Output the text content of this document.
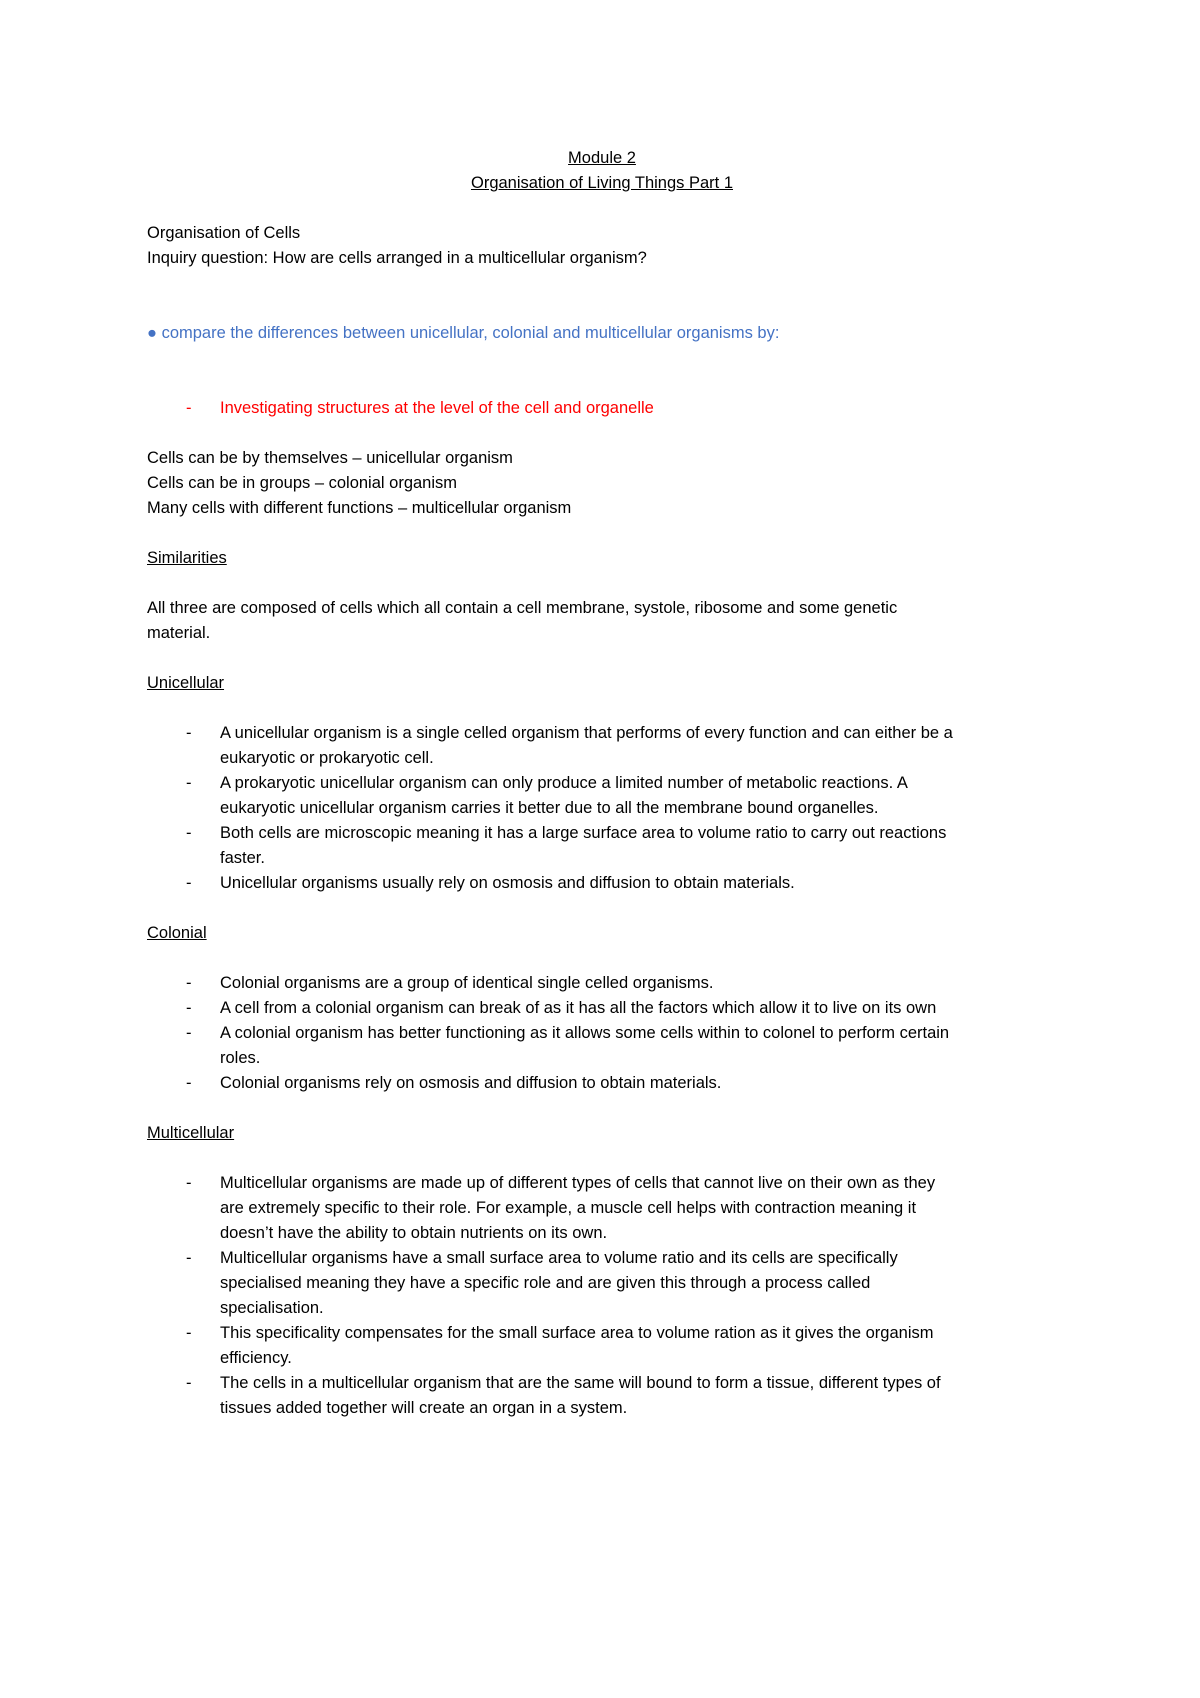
Module 2
Organisation of Living Things Part 1
Organisation of Cells
Inquiry question: How are cells arranged in a multicellular organism?
● compare the differences between unicellular, colonial and multicellular organisms by:
- Investigating structures at the level of the cell and organelle
Cells can be by themselves – unicellular organism
Cells can be in groups – colonial organism
Many cells with different functions – multicellular organism
Similarities
All three are composed of cells which all contain a cell membrane, systole, ribosome and some genetic
material.
Unicellular
- A unicellular organism is a single celled organism that performs of every function and can either be a
eukaryotic or prokaryotic cell.
- A prokaryotic unicellular organism can only produce a limited number of metabolic reactions. A
eukaryotic unicellular organism carries it better due to all the membrane bound organelles.
- Both cells are microscopic meaning it has a large surface area to volume ratio to carry out reactions
faster.
- Unicellular organisms usually rely on osmosis and diffusion to obtain materials.
Colonial
- Colonial organisms are a group of identical single celled organisms.
- A cell from a colonial organism can break of as it has all the factors which allow it to live on its own
- A colonial organism has better functioning as it allows some cells within to colonel to perform certain
roles.
- Colonial organisms rely on osmosis and diffusion to obtain materials.
Multicellular
- Multicellular organisms are made up of different types of cells that cannot live on their own as they
are extremely specific to their role. For example, a muscle cell helps with contraction meaning it
doesn’t have the ability to obtain nutrients on its own.
- Multicellular organisms have a small surface area to volume ratio and its cells are specifically
specialised meaning they have a specific role and are given this through a process called
specialisation.
- This specificality compensates for the small surface area to volume ration as it gives the organism
efficiency.
- The cells in a multicellular organism that are the same will bound to form a tissue, different types of
tissues added together will create an organ in a system.
